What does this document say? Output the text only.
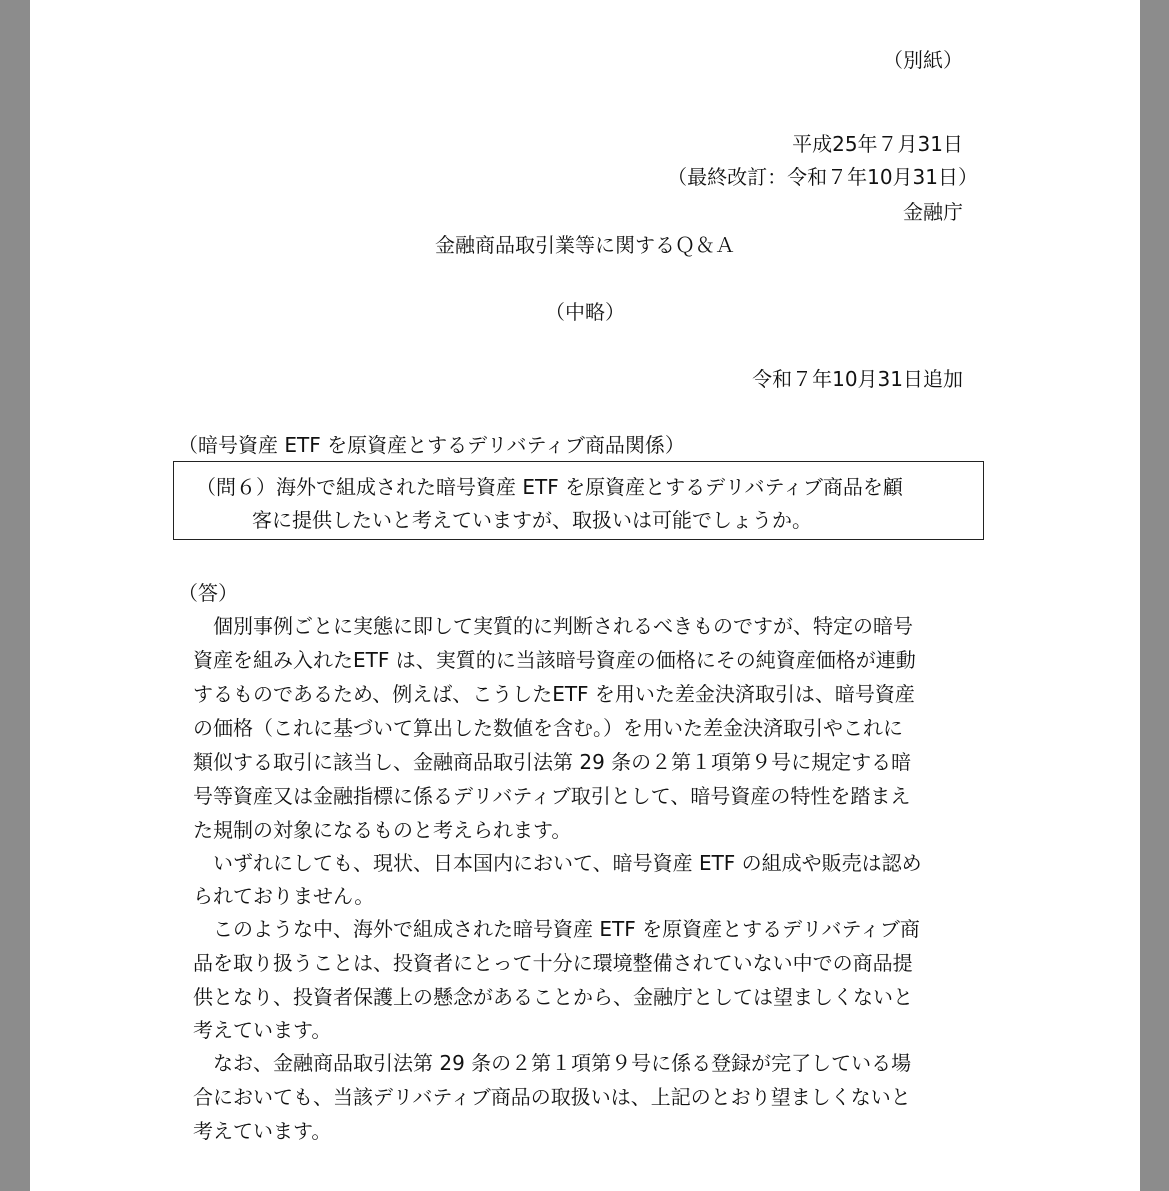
（別紙）
平成25年７月31日
（最終改訂：令和７年10月31日）
金融庁
金融商品取引業等に関するＱ＆Ａ
（中略）
令和７年10月31日追加
（暗号資産 ETF を原資産とするデリバティブ商品関係）
（問６）海外で組成された暗号資産 ETF を原資産とするデリバティブ商品を顧
客に提供したいと考えていますが、取扱いは可能でしょうか。
（答）
　個別事例ごとに実態に即して実質的に判断されるべきものですが、特定の暗号
資産を組み入れたETF は、実質的に当該暗号資産の価格にその純資産価格が連動
するものであるため、例えば、こうしたETF を用いた差金決済取引は、暗号資産
の価格（これに基づいて算出した数値を含む。）を用いた差金決済取引やこれに
類似する取引に該当し、金融商品取引法第 29 条の２第１項第９号に規定する暗
号等資産又は金融指標に係るデリバティブ取引として、暗号資産の特性を踏まえ
た規制の対象になるものと考えられます。
　いずれにしても、現状、日本国内において、暗号資産 ETF の組成や販売は認め
られておりません。
　このような中、海外で組成された暗号資産 ETF を原資産とするデリバティブ商
品を取り扱うことは、投資者にとって十分に環境整備されていない中での商品提
供となり、投資者保護上の懸念があることから、金融庁としては望ましくないと
考えています。
　なお、金融商品取引法第 29 条の２第１項第９号に係る登録が完了している場
合においても、当該デリバティブ商品の取扱いは、上記のとおり望ましくないと
考えています。
